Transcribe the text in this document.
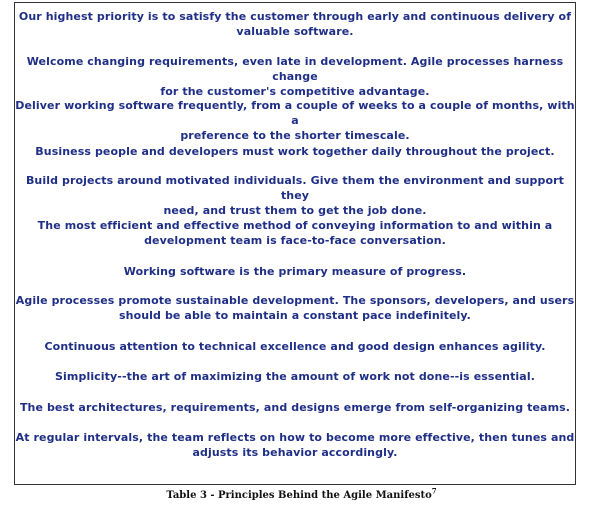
Our highest priority is to satisfy the customer through early and continuous delivery of
valuable software.
Welcome changing requirements, even late in development. Agile processes harness change
for the customer's competitive advantage.
Deliver working software frequently, from a couple of weeks to a couple of months, with a
preference to the shorter timescale.
Business people and developers must work together daily throughout the project.
Build projects around motivated individuals. Give them the environment and support they
need, and trust them to get the job done.
The most efficient and effective method of conveying information to and within a
development team is face-to-face conversation.
Working software is the primary measure of progress.
Agile processes promote sustainable development. The sponsors, developers, and users
should be able to maintain a constant pace indefinitely.
Continuous attention to technical excellence and good design enhances agility.
Simplicity--the art of maximizing the amount of work not done--is essential.
The best architectures, requirements, and designs emerge from self-organizing teams.
At regular intervals, the team reflects on how to become more effective, then tunes and
adjusts its behavior accordingly.
Table 3 - Principles Behind the Agile Manifesto$^7$
